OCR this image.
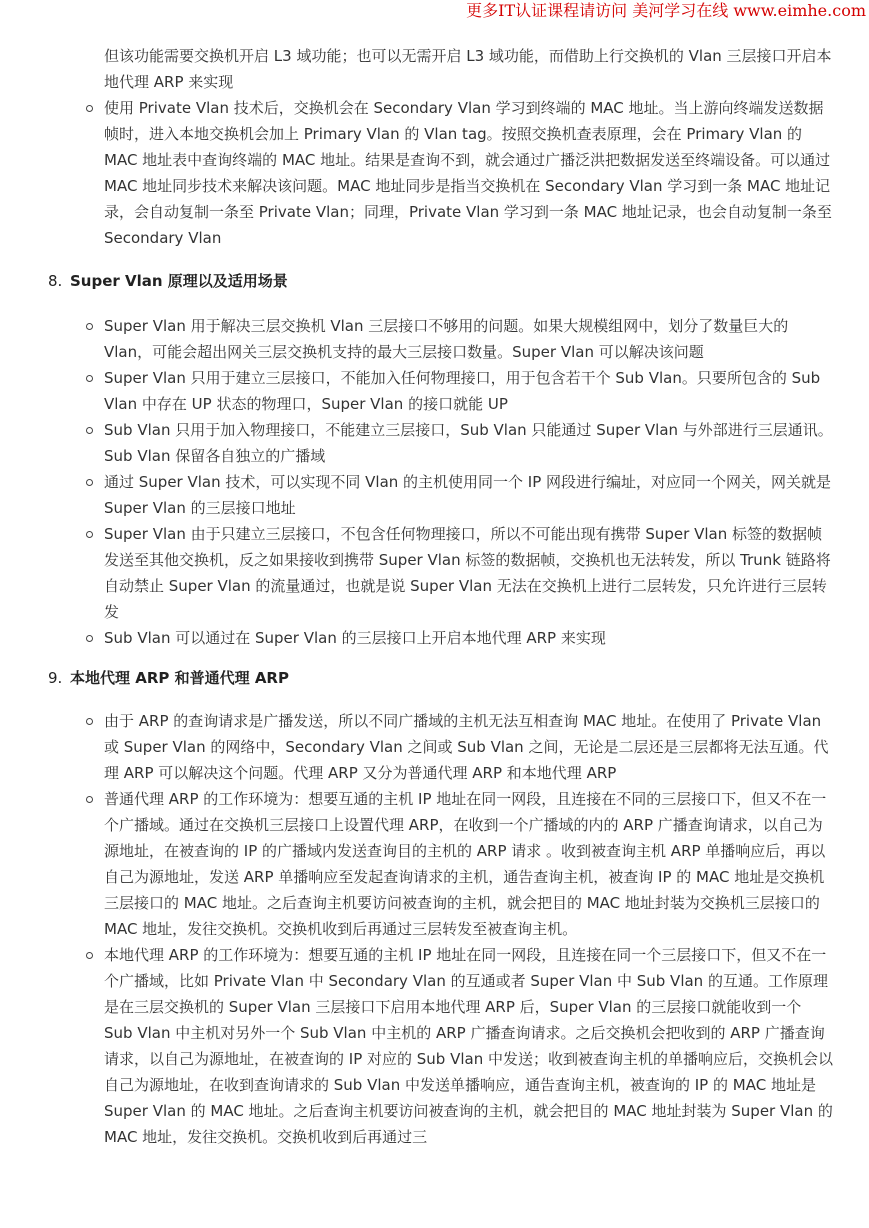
更多IT认证课程请访问 美河学习在线 www.eimhe.com

但该功能需要交换机开启 L3 域功能；也可以无需开启 L3 域功能，而借助上行交换机的 Vlan 三层接口开启本地代理 ARP 来实现

使用 Private Vlan 技术后，交换机会在 Secondary Vlan 学习到终端的 MAC 地址。当上游向终端发送数据帧时，进入本地交换机会加上 Primary Vlan 的 Vlan tag。按照交换机查表原理，会在 Primary Vlan 的 MAC 地址表中查询终端的 MAC 地址。结果是查询不到，就会通过广播泛洪把数据发送至终端设备。可以通过 MAC 地址同步技术来解决该问题。MAC 地址同步是指当交换机在 Secondary Vlan 学习到一条 MAC 地址记录，会自动复制一条至 Private Vlan；同理，Private Vlan 学习到一条 MAC 地址记录，也会自动复制一条至 Secondary Vlan
8. Super Vlan 原理以及适用场景
Super Vlan 用于解决三层交换机 Vlan 三层接口不够用的问题。如果大规模组网中，划分了数量巨大的 Vlan，可能会超出网关三层交换机支持的最大三层接口数量。Super Vlan 可以解决该问题
Super Vlan 只用于建立三层接口，不能加入任何物理接口，用于包含若干个 Sub Vlan。只要所包含的 Sub Vlan 中存在 UP 状态的物理口，Super Vlan 的接口就能 UP
Sub Vlan 只用于加入物理接口，不能建立三层接口，Sub Vlan 只能通过 Super Vlan 与外部进行三层通讯。Sub Vlan 保留各自独立的广播域
通过 Super Vlan 技术，可以实现不同 Vlan 的主机使用同一个 IP 网段进行编址，对应同一个网关，网关就是 Super Vlan 的三层接口地址
Super Vlan 由于只建立三层接口，不包含任何物理接口，所以不可能出现有携带 Super Vlan 标签的数据帧发送至其他交换机，反之如果接收到携带 Super Vlan 标签的数据帧，交换机也无法转发，所以 Trunk 链路将自动禁止 Super Vlan 的流量通过，也就是说 Super Vlan 无法在交换机上进行二层转发，只允许进行三层转发
Sub Vlan 可以通过在 Super Vlan 的三层接口上开启本地代理 ARP 来实现
9. 本地代理 ARP 和普通代理 ARP
由于 ARP 的查询请求是广播发送，所以不同广播域的主机无法互相查询 MAC 地址。在使用了 Private Vlan 或 Super Vlan 的网络中，Secondary Vlan 之间或 Sub Vlan 之间，无论是二层还是三层都将无法互通。代理 ARP 可以解决这个问题。代理 ARP 又分为普通代理 ARP 和本地代理 ARP
普通代理 ARP 的工作环境为：想要互通的主机 IP 地址在同一网段，且连接在不同的三层接口下，但又不在一个广播域。通过在交换机三层接口上设置代理 ARP，在收到一个广播域的内的 ARP 广播查询请求，以自己为源地址，在被查询的 IP 的广播域内发送查询目的主机的 ARP 请求 。收到被查询主机 ARP 单播响应后，再以自己为源地址，发送 ARP 单播响应至发起查询请求的主机，通告查询主机，被查询 IP 的 MAC 地址是交换机三层接口的 MAC 地址。之后查询主机要访问被查询的主机，就会把目的 MAC 地址封装为交换机三层接口的 MAC 地址，发往交换机。交换机收到后再通过三层转发至被查询主机。
本地代理 ARP 的工作环境为：想要互通的主机 IP 地址在同一网段，且连接在同一个三层接口下，但又不在一个广播域，比如 Private Vlan 中 Secondary Vlan 的互通或者 Super Vlan 中 Sub Vlan 的互通。工作原理是在三层交换机的 Super Vlan 三层接口下启用本地代理 ARP 后，Super Vlan 的三层接口就能收到一个 Sub Vlan 中主机对另外一个 Sub Vlan 中主机的 ARP 广播查询请求。之后交换机会把收到的 ARP 广播查询请求，以自己为源地址，在被查询的 IP 对应的 Sub Vlan 中发送；收到被查询主机的单播响应后，交换机会以自己为源地址，在收到查询请求的 Sub Vlan 中发送单播响应，通告查询主机，被查询的 IP 的 MAC 地址是 Super Vlan 的 MAC 地址。之后查询主机要访问被查询的主机，就会把目的 MAC 地址封装为 Super Vlan 的 MAC 地址，发往交换机。交换机收到后再通过三
